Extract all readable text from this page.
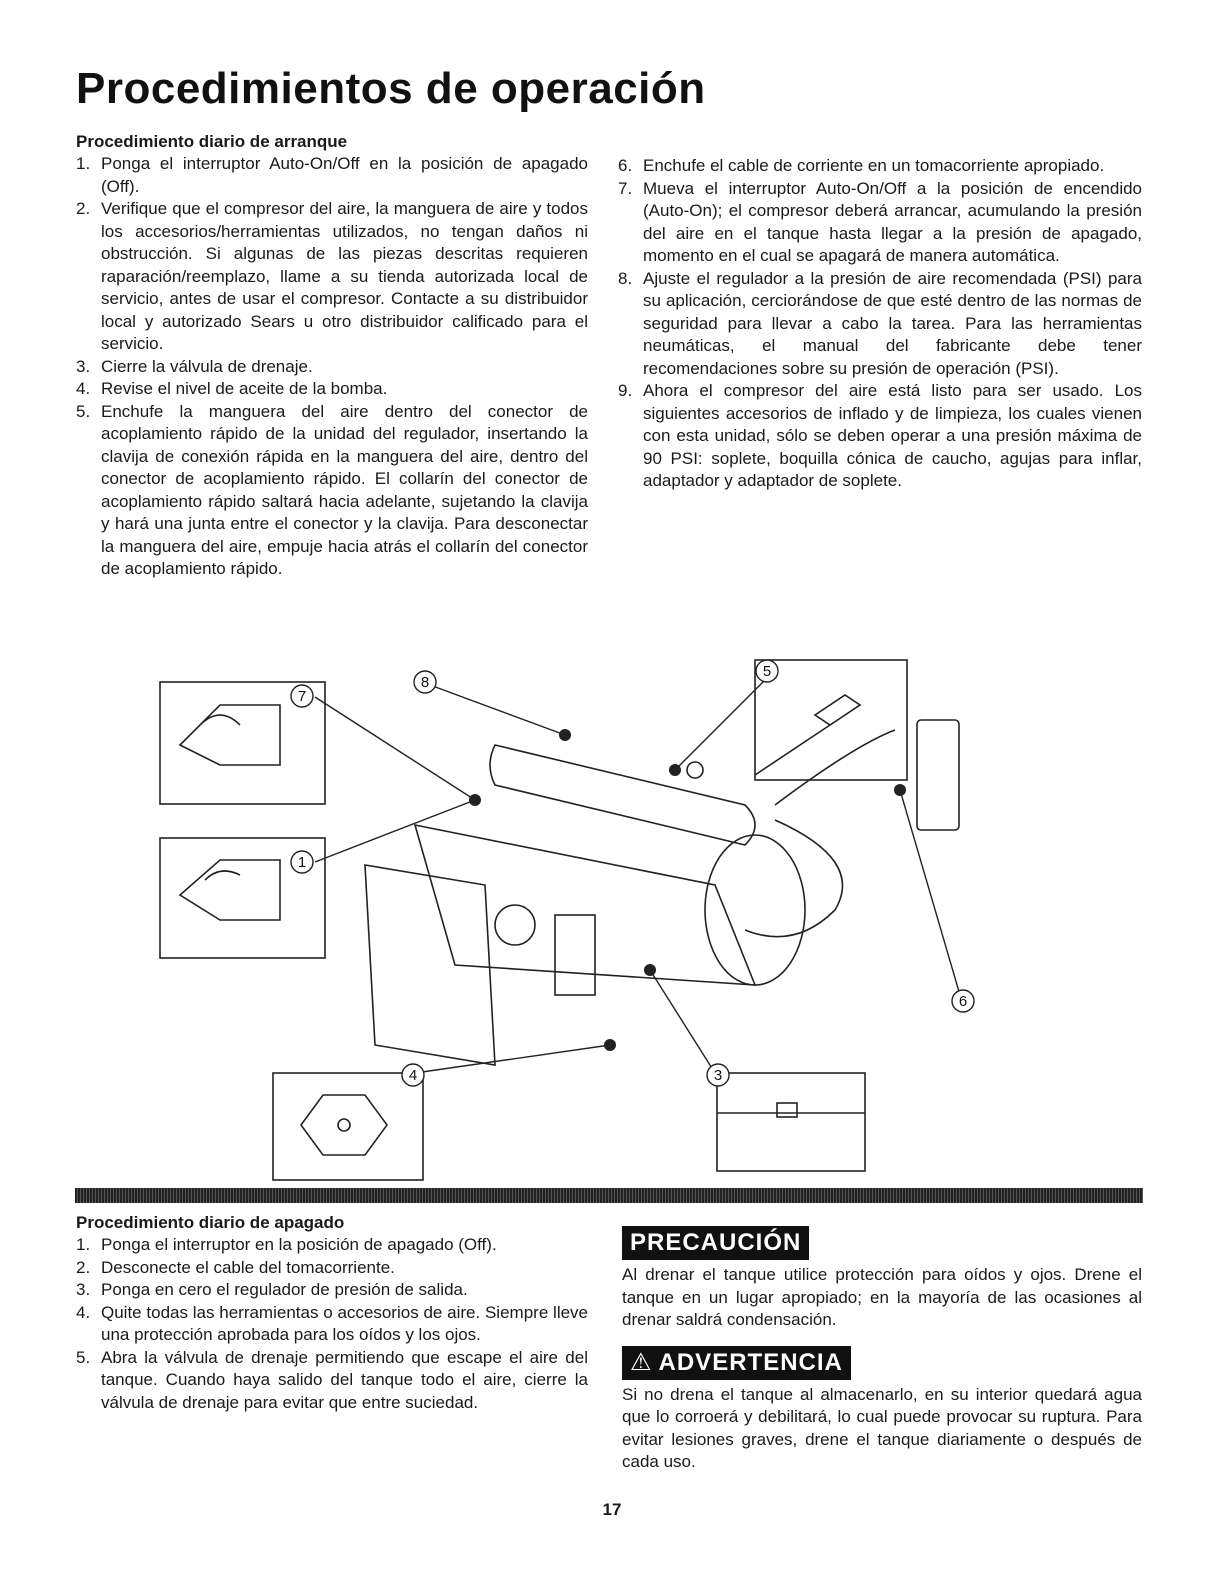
Procedimientos de operación

Procedimiento diario de arranque

1. Ponga el interruptor Auto-On/Off en la posición de apagado (Off).
2. Verifique que el compresor del aire, la manguera de aire y todos los accesorios/herramientas utilizados, no tengan daños ni obstrucción. Si algunas de las piezas descritas requieren raparación/reemplazo, llame a su tienda autorizada local de servicio, antes de usar el compresor. Contacte a su distribuidor local y autorizado Sears u otro distribuidor calificado para el servicio.
3. Cierre la válvula de drenaje.
4. Revise el nivel de aceite de la bomba.
5. Enchufe la manguera del aire dentro del conector de acoplamiento rápido de la unidad del regulador, insertando la clavija de conexión rápida en la manguera del aire, dentro del conector de acoplamiento rápido. El collarín del conector de acoplamiento rápido saltará hacia adelante, sujetando la clavija y hará una junta entre el conector y la clavija. Para desconectar la manguera del aire, empuje hacia atrás el collarín del conector de acoplamiento rápido.
6. Enchufe el cable de corriente en un tomacorriente apropiado.
7. Mueva el interruptor Auto-On/Off a la posición de encendido (Auto-On); el compresor deberá arrancar, acumulando la presión del aire en el tanque hasta llegar a la presión de apagado, momento en el cual se apagará de manera automática.
8. Ajuste el regulador a la presión de aire recomendada (PSI) para su aplicación, cerciorándose de que esté dentro de las normas de seguridad para llevar a cabo la tarea. Para las herramientas neumáticas, el manual del fabricante debe tener recomendaciones sobre su presión de operación (PSI).
9. Ahora el compresor del aire está listo para ser usado. Los siguientes accesorios de inflado y de limpieza, los cuales vienen con esta unidad, sólo se deben operar a una presión máxima de 90 PSI: soplete, boquilla cónica de caucho, agujas para inflar, adaptador y adaptador de soplete.
8
7
1
5
6
4	3

Procedimiento diario de apagado

1. Ponga el interruptor en la posición de apagado (Off).
2. Desconecte el cable del tomacorriente.
3. Ponga en cero el regulador de presión de salida.
4. Quite todas las herramientas o accesorios de aire. Siempre lleve una protección aprobada para los oídos y los ojos.
5. Abra la válvula de drenaje permitiendo que escape el aire del tanque. Cuando haya salido del tanque todo el aire, cierre la válvula de drenaje para evitar que entre suciedad.
PRECAUCIÓN

Al drenar el tanque utilice protección para oídos y ojos. Drene el tanque en un lugar apropiado; en la mayoría de las ocasiones al drenar saldrá condensación.

⚠ ADVERTENCIA

Si no drena el tanque al almacenarlo, en su interior quedará agua que lo corroerá y debilitará, lo cual puede provocar su ruptura. Para evitar lesiones graves, drene el tanque diariamente o después de cada uso.

17
